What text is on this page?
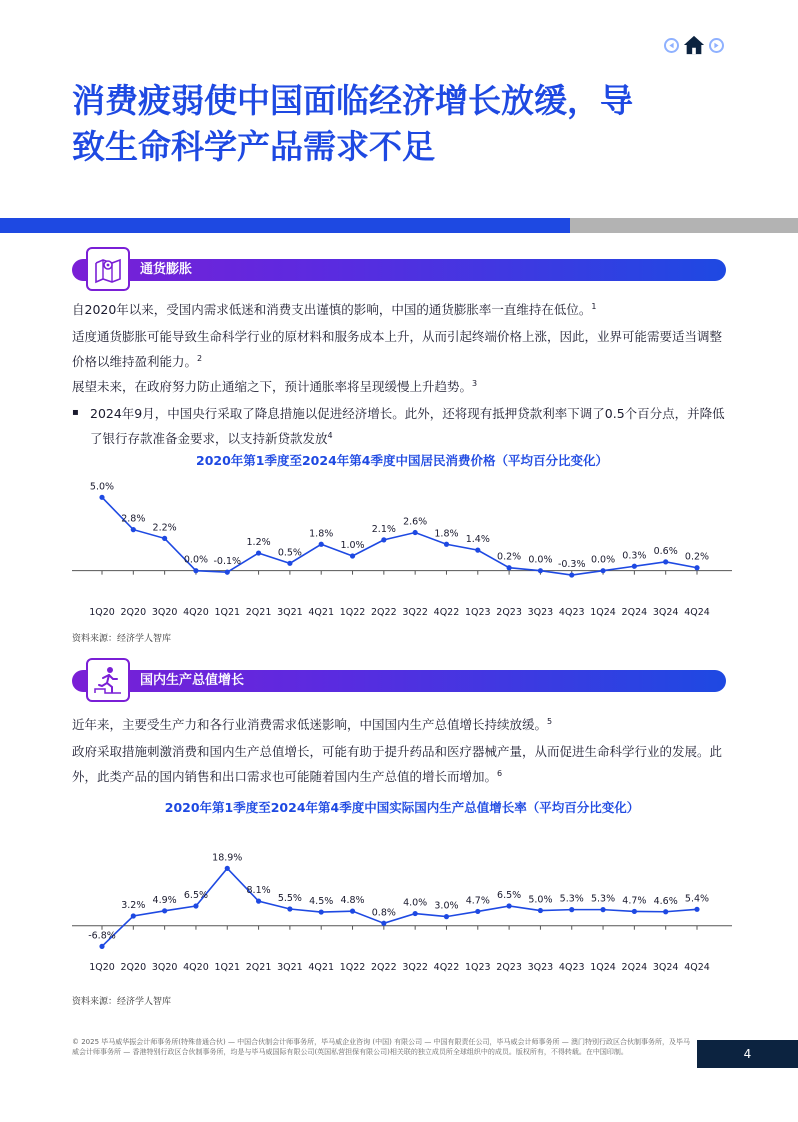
消费疲弱使中国面临经济增长放缓，导
致生命科学产品需求不足
通货膨胀
自2020年以来，受国内需求低迷和消费支出谨慎的影响，中国的通货膨胀率一直维持在低位。$^1$
适度通货膨胀可能导致生命科学行业的原材料和服务成本上升，从而引起终端价格上涨，因此，业界可能需要适当调整价格以维持盈利能力。$^2$
展望未来，在政府努力防止通缩之下，预计通胀率将呈现缓慢上升趋势。$^3$
▪ 2024年9月，中国央行采取了降息措施以促进经济增长。此外，还将现有抵押贷款利率下调了0.5个百分点，并降低了银行存款准备金要求，以支持新贷款发放$^4$
2020年第1季度至2024年第4季度中国居民消费价格（平均百分比变化）
5.0%
1Q20
2.8%
2Q20
2.2%
3Q20
0.0%
4Q20
-0.1%
1Q21
1.2%
2Q21
0.5%
3Q21
1.8%
4Q21
1.0%
1Q22
2.1%
2Q22
2.6%
3Q22
1.8%
4Q22
1.4%
1Q23
0.2%
2Q23
0.0%
3Q23
-0.3%
4Q23
0.0%
1Q24
0.3%
2Q24
0.6%
3Q24
0.2%
4Q24
资料来源：经济学人智库
国内生产总值增长
近年来，主要受生产力和各行业消费需求低迷影响，中国国内生产总值增长持续放缓。$^5$
政府采取措施刺激消费和国内生产总值增长，可能有助于提升药品和医疗器械产量，从而促进生命科学行业的发展。此外，此类产品的国内销售和出口需求也可能随着国内生产总值的增长而增加。$^6$
2020年第1季度至2024年第4季度中国实际国内生产总值增长率（平均百分比变化）
-6.8%
1Q20
3.2%
2Q20
4.9%
3Q20
6.5%
4Q20
18.9%
1Q21
8.1%
2Q21
5.5%
3Q21
4.5%
4Q21
4.8%
1Q22
0.8%
2Q22
4.0%
3Q22
3.0%
4Q22
4.7%
1Q23
6.5%
2Q23
5.0%
3Q23
5.3%
4Q23
5.3%
1Q24
4.7%
2Q24
4.6%
3Q24
5.4%
4Q24
资料来源：经济学人智库
© 2025 毕马威华振会计师事务所(特殊普通合伙) — 中国合伙制会计师事务所，毕马威企业咨询 (中国) 有限公司 — 中国有限责任公司，毕马威会计师事务所 — 澳门特别行政区合伙制事务所，及毕马威会计师事务所 — 香港特别行政区合伙制事务所，均是与毕马威国际有限公司(英国私营担保有限公司)相关联的独立成员所全球组织中的成员。版权所有，不得转载。在中国印制。	4
